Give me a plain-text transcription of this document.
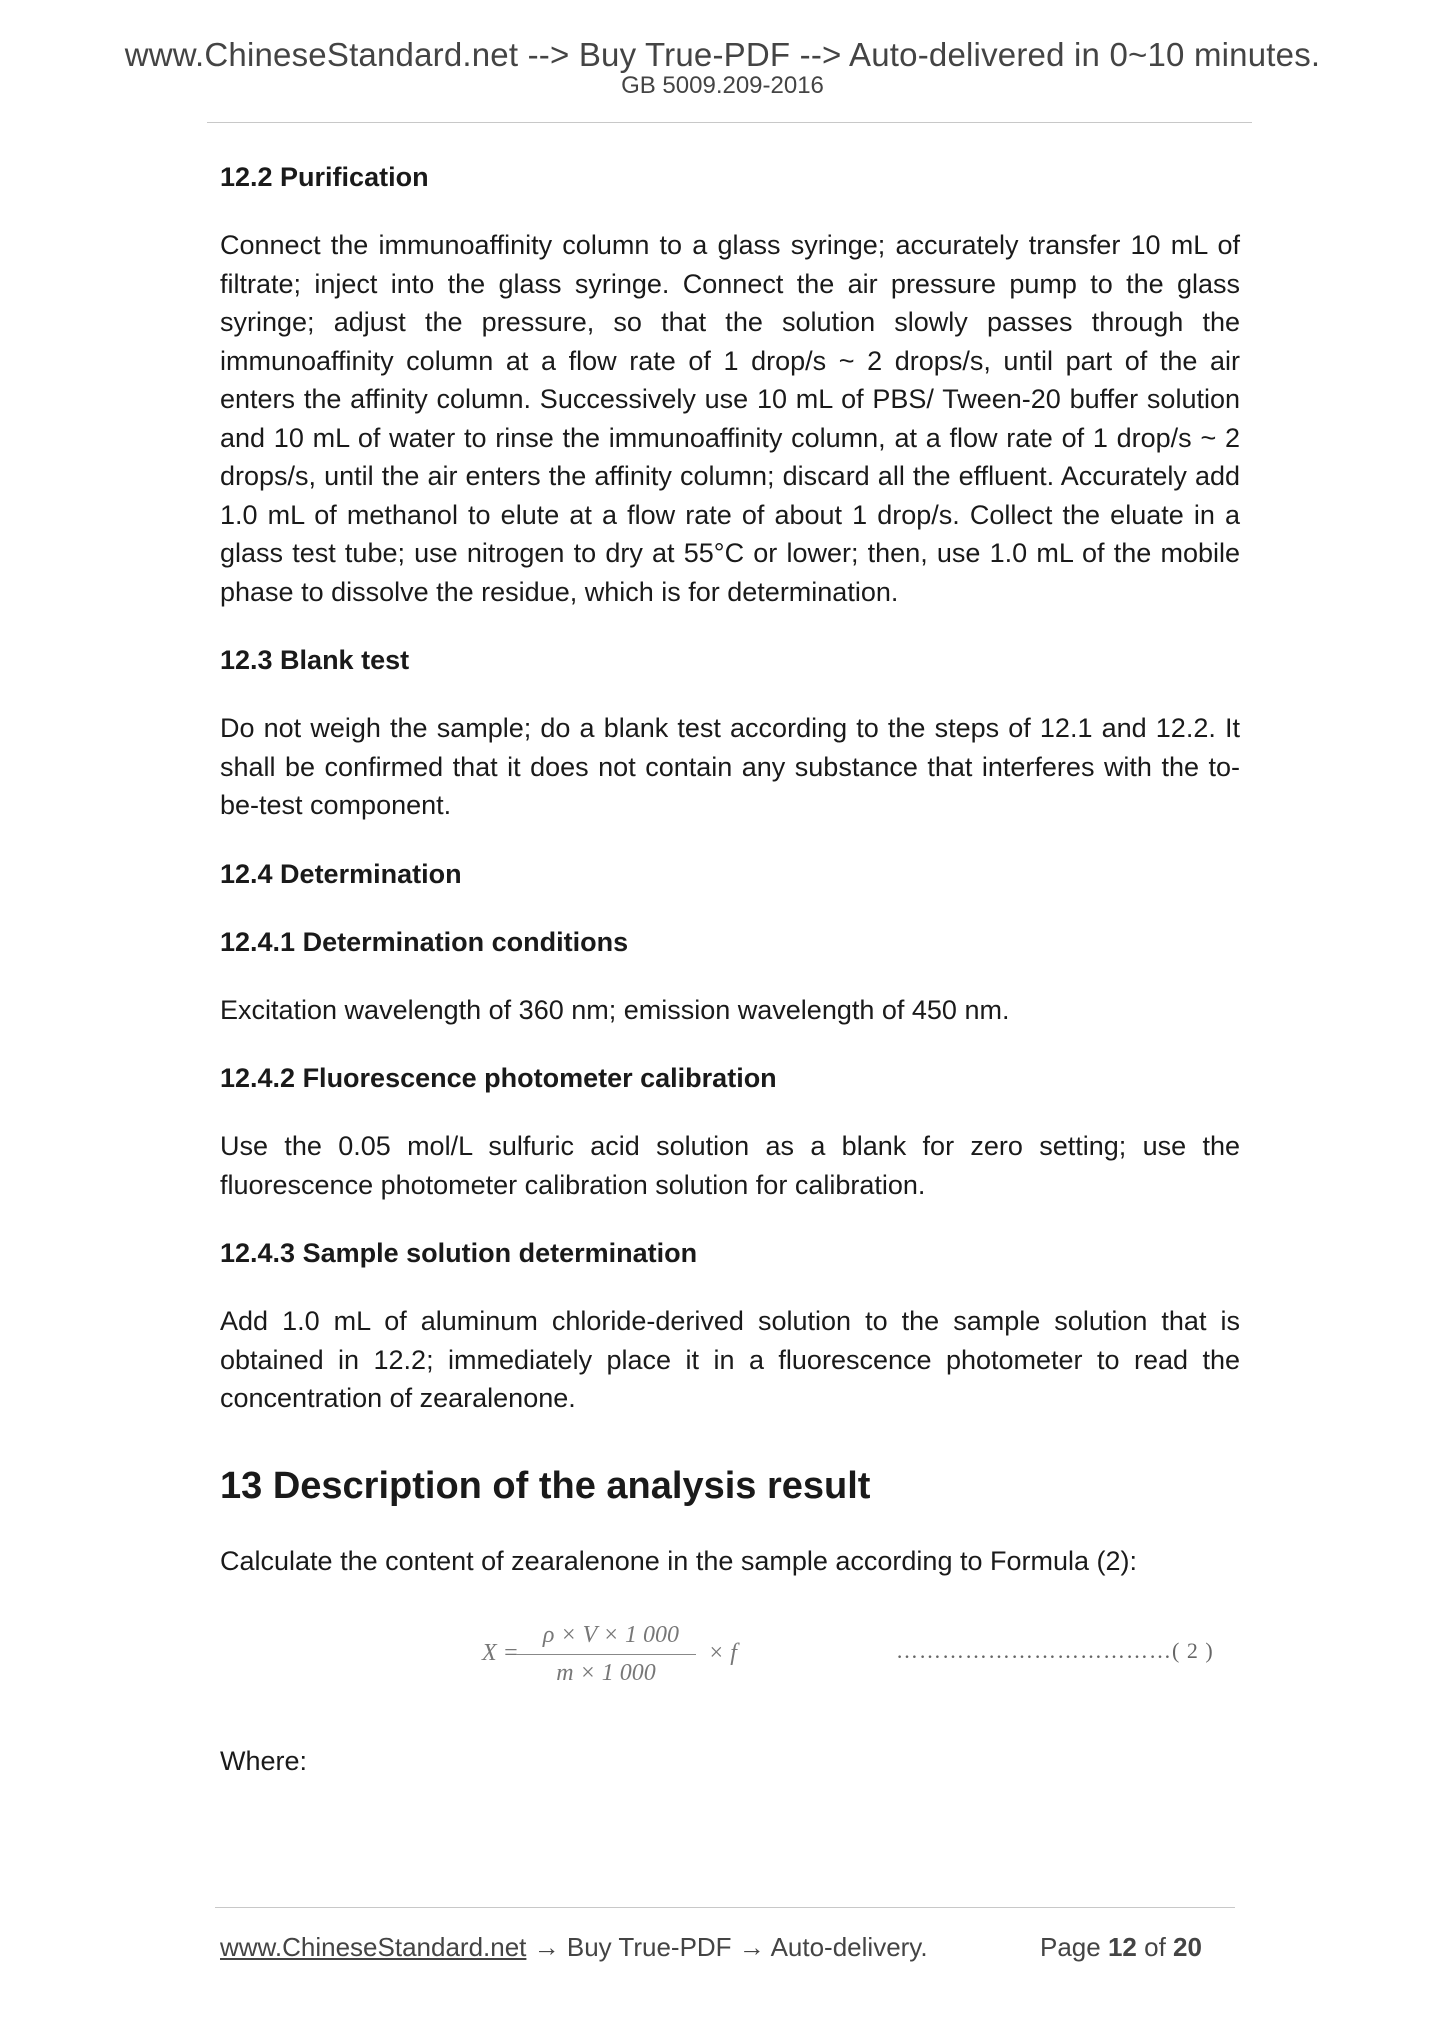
www.ChineseStandard.net --> Buy True-PDF --> Auto-delivered in 0~10 minutes.
GB 5009.209-2016
12.2 Purification

Connect the immunoaffinity column to a glass syringe; accurately transfer 10 mL of filtrate; inject into the glass syringe. Connect the air pressure pump to the glass syringe; adjust the pressure, so that the solution slowly passes through the immunoaffinity column at a flow rate of 1 drop/s ~ 2 drops/s, until part of the air enters the affinity column. Successively use 10 mL of PBS/ Tween-20 buffer solution and 10 mL of water to rinse the immunoaffinity column, at a flow rate of 1 drop/s ~ 2 drops/s, until the air enters the affinity column; discard all the effluent. Accurately add 1.0 mL of methanol to elute at a flow rate of about 1 drop/s. Collect the eluate in a glass test tube; use nitrogen to dry at 55°C or lower; then, use 1.0 mL of the mobile phase to dissolve the residue, which is for determination.

12.3 Blank test

Do not weigh the sample; do a blank test according to the steps of 12.1 and 12.2. It shall be confirmed that it does not contain any substance that interferes with the to-be-test component.

12.4 Determination
12.4.1 Determination conditions

Excitation wavelength of 360 nm; emission wavelength of 450 nm.

12.4.2 Fluorescence photometer calibration

Use the 0.05 mol/L sulfuric acid solution as a blank for zero setting; use the fluorescence photometer calibration solution for calibration.

12.4.3 Sample solution determination

Add 1.0 mL of aluminum chloride-derived solution to the sample solution that is obtained in 12.2; immediately place it in a fluorescence photometer to read the concentration of zearalenone.

13 Description of the analysis result

Calculate the content of zearalenone in the sample according to Formula (2):

X =
ρ × V × 1 000
m × 1 000
× f	………………………………( 2 )

Where:

www.ChineseStandard.net → Buy True-PDF → Auto-delivery.	Page 12 of 20
